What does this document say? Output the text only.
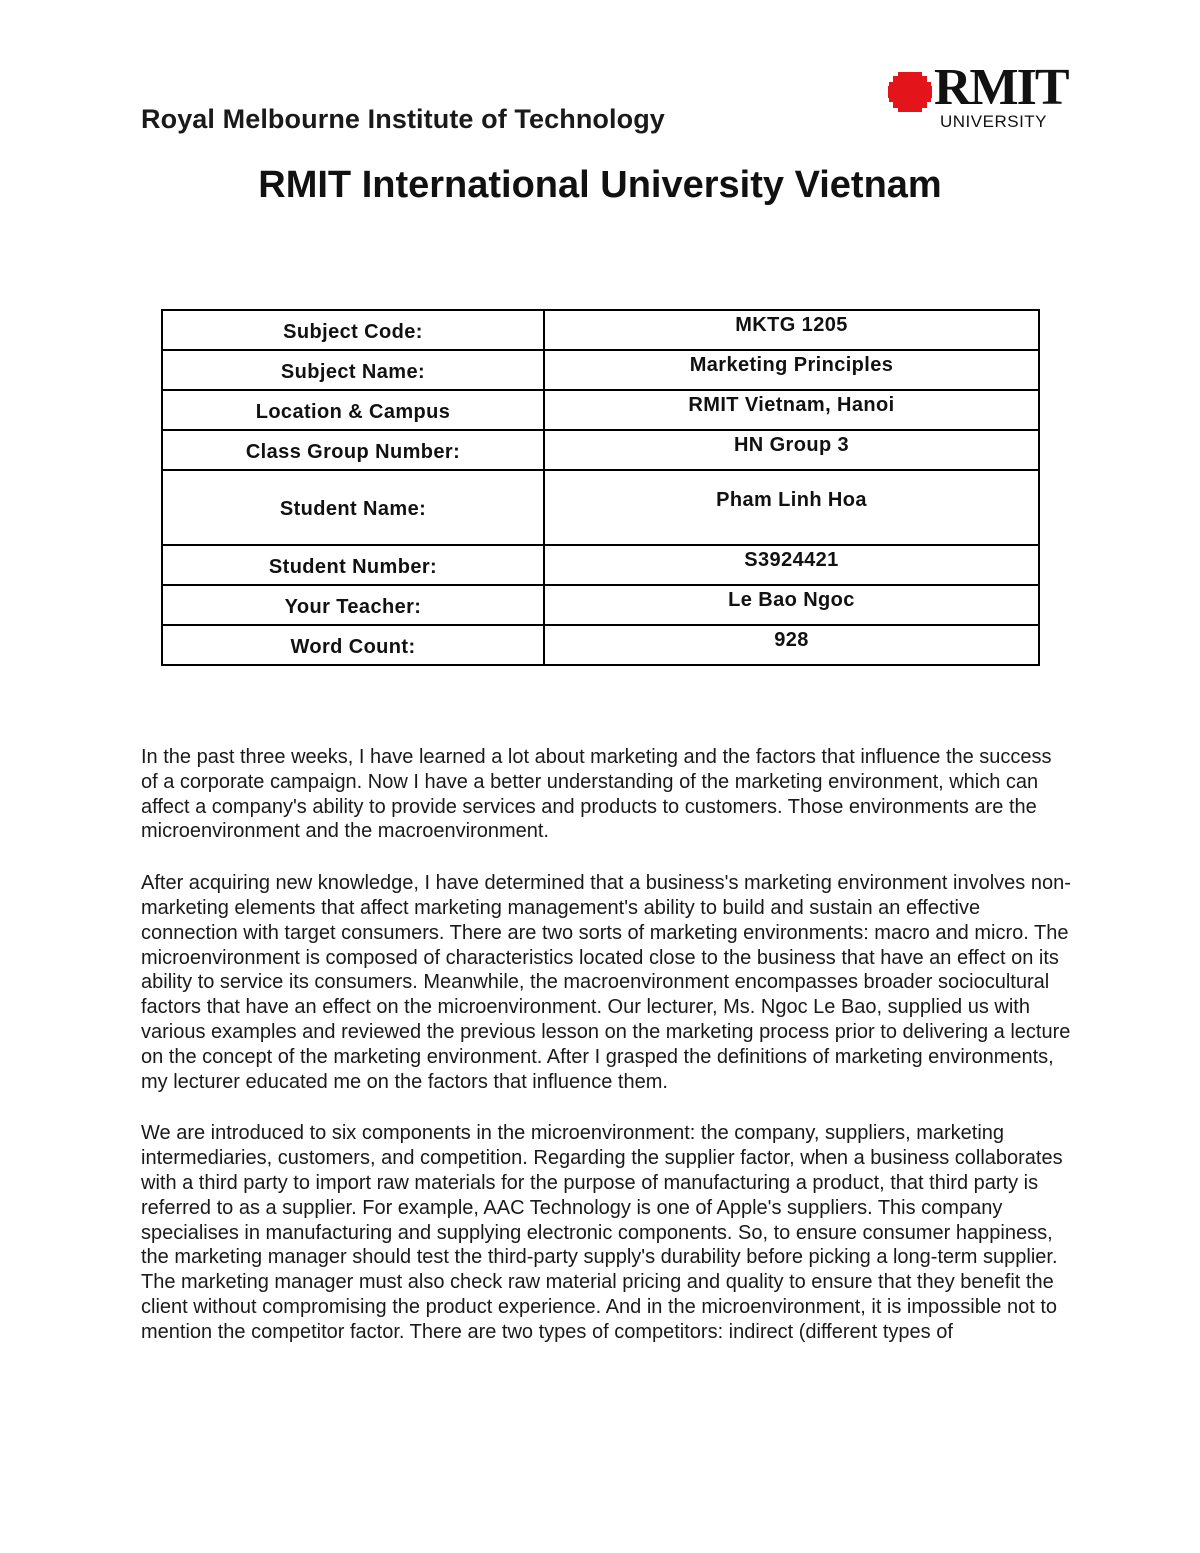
Royal Melbourne Institute of Technology
RMIT
UNIVERSITY
RMIT International University Vietnam
Subject Code:	MKTG 1205
Subject Name:	Marketing Principles
Location & Campus	RMIT Vietnam, Hanoi
Class Group Number:	HN Group 3
Student Name:	Pham Linh Hoa
Student Number:	S3924421
Your Teacher:	Le Bao Ngoc
Word Count:	928

In the past three weeks, I have learned a lot about marketing and the factors that influence the success of a corporate campaign. Now I have a better understanding of the marketing environment, which can affect a company's ability to provide services and products to customers. Those environments are the microenvironment and the macroenvironment.

After acquiring new knowledge, I have determined that a business's marketing environment involves non-marketing elements that affect marketing management's ability to build and sustain an effective connection with target consumers. There are two sorts of marketing environments: macro and micro. The microenvironment is composed of characteristics located close to the business that have an effect on its ability to service its consumers. Meanwhile, the macroenvironment encompasses broader sociocultural factors that have an effect on the microenvironment. Our lecturer, Ms. Ngoc Le Bao, supplied us with various examples and reviewed the previous lesson on the marketing process prior to delivering a lecture on the concept of the marketing environment. After I grasped the definitions of marketing environments, my lecturer educated me on the factors that influence them.

We are introduced to six components in the microenvironment: the company, suppliers, marketing intermediaries, customers, and competition. Regarding the supplier factor, when a business collaborates with a third party to import raw materials for the purpose of manufacturing a product, that third party is referred to as a supplier. For example, AAC Technology is one of Apple's suppliers. This company specialises in manufacturing and supplying electronic components. So, to ensure consumer happiness, the marketing manager should test the third-party supply's durability before picking a long-term supplier. The marketing manager must also check raw material pricing and quality to ensure that they benefit the client without compromising the product experience. And in the microenvironment, it is impossible not to mention the competitor factor. There are two types of competitors: indirect (different types of
